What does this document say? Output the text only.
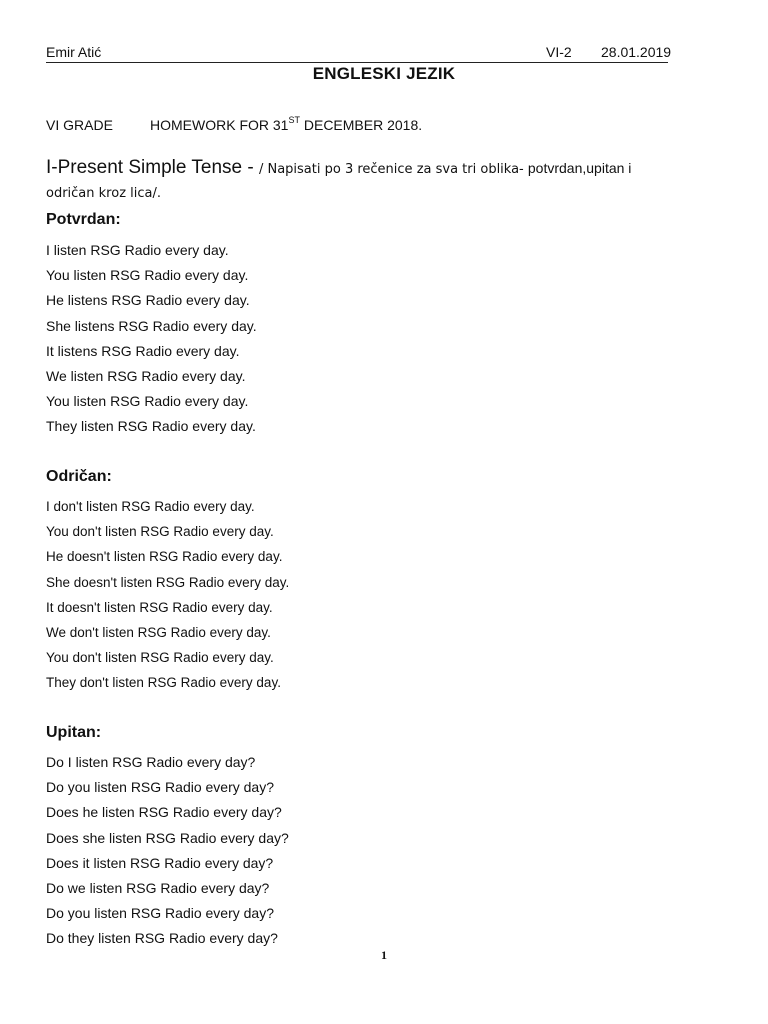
Emir Atić	VI-2 28.01.2019
ENGLESKI JEZIK
VI GRADE	HOMEWORK FOR 31ST DECEMBER 2018.
I-Present Simple Tense - / Napisati po 3 rečenice za sva tri oblika- potvrdan,upitan i
odričan kroz lica/.
Potvrdan:
I listen RSG Radio every day.
You listen RSG Radio every day.
He listens RSG Radio every day.
She listens RSG Radio every day.
It listens RSG Radio every day.
We listen RSG Radio every day.
You listen RSG Radio every day.
They listen RSG Radio every day.
Odričan:
I don't listen RSG Radio every day.
You don't listen RSG Radio every day.
He doesn't listen RSG Radio every day.
She doesn't listen RSG Radio every day.
It doesn't listen RSG Radio every day.
We don't listen RSG Radio every day.
You don't listen RSG Radio every day.
They don't listen RSG Radio every day.
Upitan:
Do I listen RSG Radio every day?
Do you listen RSG Radio every day?
Does he listen RSG Radio every day?
Does she listen RSG Radio every day?
Does it listen RSG Radio every day?
Do we listen RSG Radio every day?
Do you listen RSG Radio every day?
Do they listen RSG Radio every day?
1
